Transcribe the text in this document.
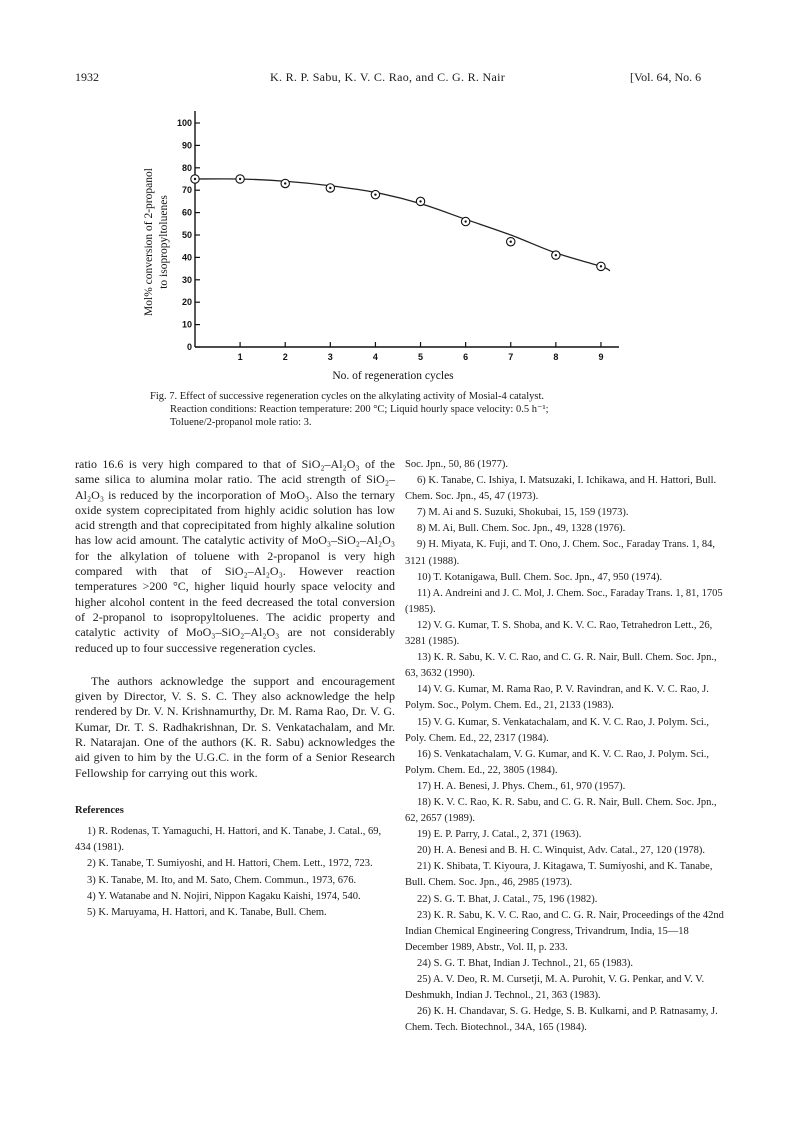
1932	K. R. P. Sabu, K. V. C. Rao, and C. G. R. Nair	[Vol. 64, No. 6
0
10
20
30
40
50
60
70
80
90
100
1	2	3	4	5	6	7	8	9
Mol% conversion of 2-propanol to isopropyltoluenes
No. of regeneration cycles
Fig. 7. Effect of successive regeneration cycles on the alkylating activity of Mosial-4 catalyst.
Reaction conditions: Reaction temperature: 200 °C; Liquid hourly space velocity: 0.5 h⁻¹;
Toluene/2-propanol mole ratio: 3.

ratio 16.6 is very high compared to that of SiO₂–Al₂O₃ of the same silica to alumina molar ratio. The acid strength of SiO₂–Al₂O₃ is reduced by the incorporation of MoO₃. Also the ternary oxide system coprecipitated from highly acidic solution has low acid strength and that coprecipitated from highly alkaline solution has low acid amount. The catalytic activity of MoO₃–SiO₂–Al₂O₃ for the alkylation of toluene with 2-propanol is very high compared with that of SiO₂–Al₂O₃. However reaction temperatures >200 °C, higher liquid hourly space velocity and higher alcohol content in the feed decreased the total conversion of 2-propanol to isopropyltoluenes. The acidic property and catalytic activity of MoO₃–SiO₂–Al₂O₃ are not considerably reduced up to four successive regeneration cycles.

The authors acknowledge the support and encouragement given by Director, V. S. S. C. They also acknowledge the help rendered by Dr. V. N. Krishnamurthy, Dr. M. Rama Rao, Dr. V. G. Kumar, Dr. T. S. Radhakrishnan, Dr. S. Venkatachalam, and Mr. R. Natarajan. One of the authors (K. R. Sabu) acknowledges the aid given to him by the U.G.C. in the form of a Senior Research Fellowship for carrying out this work.

References

1) R. Rodenas, T. Yamaguchi, H. Hattori, and K. Tanabe, J. Catal., 69, 434 (1981).

2) K. Tanabe, T. Sumiyoshi, and H. Hattori, Chem. Lett., 1972, 723.

3) K. Tanabe, M. Ito, and M. Sato, Chem. Commun., 1973, 676.

4) Y. Watanabe and N. Nojiri, Nippon Kagaku Kaishi, 1974, 540.

5) K. Maruyama, H. Hattori, and K. Tanabe, Bull. Chem.

Soc. Jpn., 50, 86 (1977).

6) K. Tanabe, C. Ishiya, I. Matsuzaki, I. Ichikawa, and H. Hattori, Bull. Chem. Soc. Jpn., 45, 47 (1973).

7) M. Ai and S. Suzuki, Shokubai, 15, 159 (1973).

8) M. Ai, Bull. Chem. Soc. Jpn., 49, 1328 (1976).

9) H. Miyata, K. Fuji, and T. Ono, J. Chem. Soc., Faraday Trans. 1, 84, 3121 (1988).

10) T. Kotanigawa, Bull. Chem. Soc. Jpn., 47, 950 (1974).

11) A. Andreini and J. C. Mol, J. Chem. Soc., Faraday Trans. 1, 81, 1705 (1985).

12) V. G. Kumar, T. S. Shoba, and K. V. C. Rao, Tetrahedron Lett., 26, 3281 (1985).

13) K. R. Sabu, K. V. C. Rao, and C. G. R. Nair, Bull. Chem. Soc. Jpn., 63, 3632 (1990).

14) V. G. Kumar, M. Rama Rao, P. V. Ravindran, and K. V. C. Rao, J. Polym. Soc., Polym. Chem. Ed., 21, 2133 (1983).

15) V. G. Kumar, S. Venkatachalam, and K. V. C. Rao, J. Polym. Sci., Poly. Chem. Ed., 22, 2317 (1984).

16) S. Venkatachalam, V. G. Kumar, and K. V. C. Rao, J. Polym. Sci., Polym. Chem. Ed., 22, 3805 (1984).

17) H. A. Benesi, J. Phys. Chem., 61, 970 (1957).

18) K. V. C. Rao, K. R. Sabu, and C. G. R. Nair, Bull. Chem. Soc. Jpn., 62, 2657 (1989).

19) E. P. Parry, J. Catal., 2, 371 (1963).

20) H. A. Benesi and B. H. C. Winquist, Adv. Catal., 27, 120 (1978).

21) K. Shibata, T. Kiyoura, J. Kitagawa, T. Sumiyoshi, and K. Tanabe, Bull. Chem. Soc. Jpn., 46, 2985 (1973).

22) S. G. T. Bhat, J. Catal., 75, 196 (1982).

23) K. R. Sabu, K. V. C. Rao, and C. G. R. Nair, Proceedings of the 42nd Indian Chemical Engineering Congress, Trivandrum, India, 15—18 December 1989, Abstr., Vol. II, p. 233.

24) S. G. T. Bhat, Indian J. Technol., 21, 65 (1983).

25) A. V. Deo, R. M. Cursetji, M. A. Purohit, V. G. Penkar, and V. V. Deshmukh, Indian J. Technol., 21, 363 (1983).

26) K. H. Chandavar, S. G. Hedge, S. B. Kulkarni, and P. Ratnasamy, J. Chem. Tech. Biotechnol., 34A, 165 (1984).
